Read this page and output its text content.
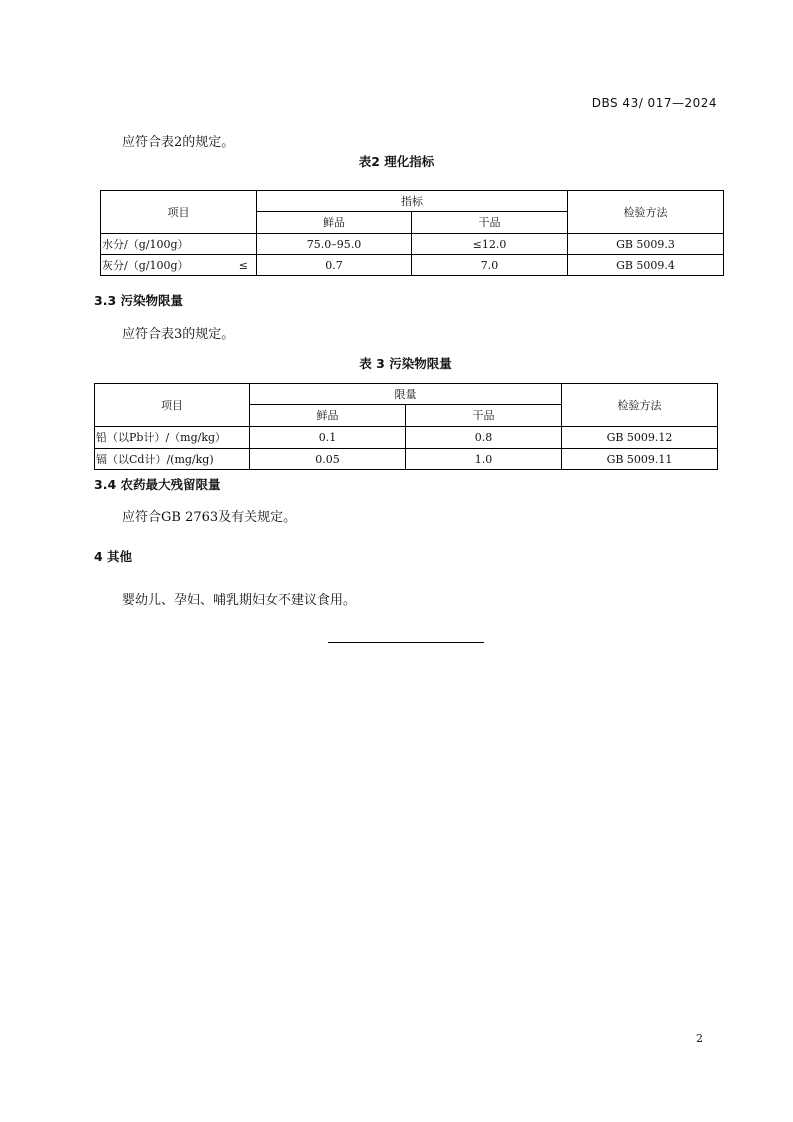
DBS 43/ 017—2024
应符合表2的规定。
表2 理化指标
项目	指标		检验方法
	鲜品	干品	

水分/（g/100g）	75.0–95.0	≤12.0	GB 5009.3

灰分/（g/100g） ≤	0.7	7.0	GB 5009.4
3.3 污染物限量
应符合表3的规定。
表 3 污染物限量
项目	限量		检验方法
	鲜品	干品	
铅（以Pb计）/（mg/kg）	0.1	0.8	GB 5009.12
镉（以Cd计）/(mg/kg)	0.05	1.0	GB 5009.11
3.4 农药最大残留限量
应符合GB 2763及有关规定。
4 其他
婴幼儿、孕妇、哺乳期妇女不建议食用。
2
